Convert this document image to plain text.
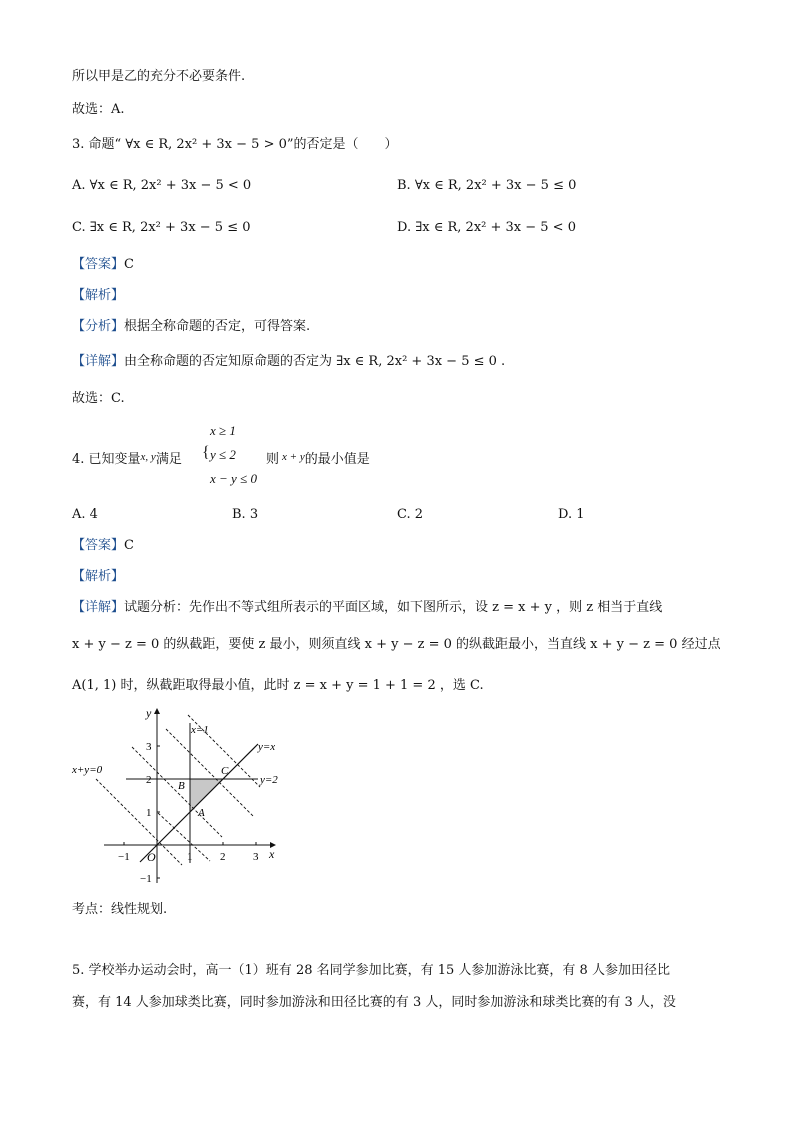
所以甲是乙的充分不必要条件.
故选：A.
3. 命题“ ∀x ∈ R, 2x² + 3x − 5 > 0”的否定是（　　）
A. ∀x ∈ R, 2x² + 3x − 5 < 0	B. ∀x ∈ R, 2x² + 3x − 5 ≤ 0
C. ∃x ∈ R, 2x² + 3x − 5 ≤ 0	D. ∃x ∈ R, 2x² + 3x − 5 < 0
【答案】C
【解析】
【分析】根据全称命题的否定，可得答案.
【详解】由全称命题的否定知原命题的否定为 ∃x ∈ R, 2x² + 3x − 5 ≤ 0 .
故选：C.
x ≥ 1
4. 已知变量$^{x, y}$满足 { y ≤ 2 则 $^{x + y}$的最小值是
x − y ≤ 0
A. 4	B. 3	C. 2	D. 1
【答案】C
【解析】
【详解】试题分析：先作出不等式组所表示的平面区域，如下图所示，设 z = x + y ，则 z 相当于直线
x + y − z = 0 的纵截距，要使 z 最小，则须直线 x + y − z = 0 的纵截距最小，当直线 x + y − z = 0 经过点
A(1, 1) 时，纵截距取得最小值，此时 z = x + y = 1 + 1 = 2 ，选 C.
y
x
x=1
y=x
y=2
x+y=0
O
A
B
C
−1	1	2	3
3
2
1
−1
考点：线性规划.
5. 学校举办运动会时，高一（1）班有 28 名同学参加比赛，有 15 人参加游泳比赛，有 8 人参加田径比
赛，有 14 人参加球类比赛，同时参加游泳和田径比赛的有 3 人，同时参加游泳和球类比赛的有 3 人，没
